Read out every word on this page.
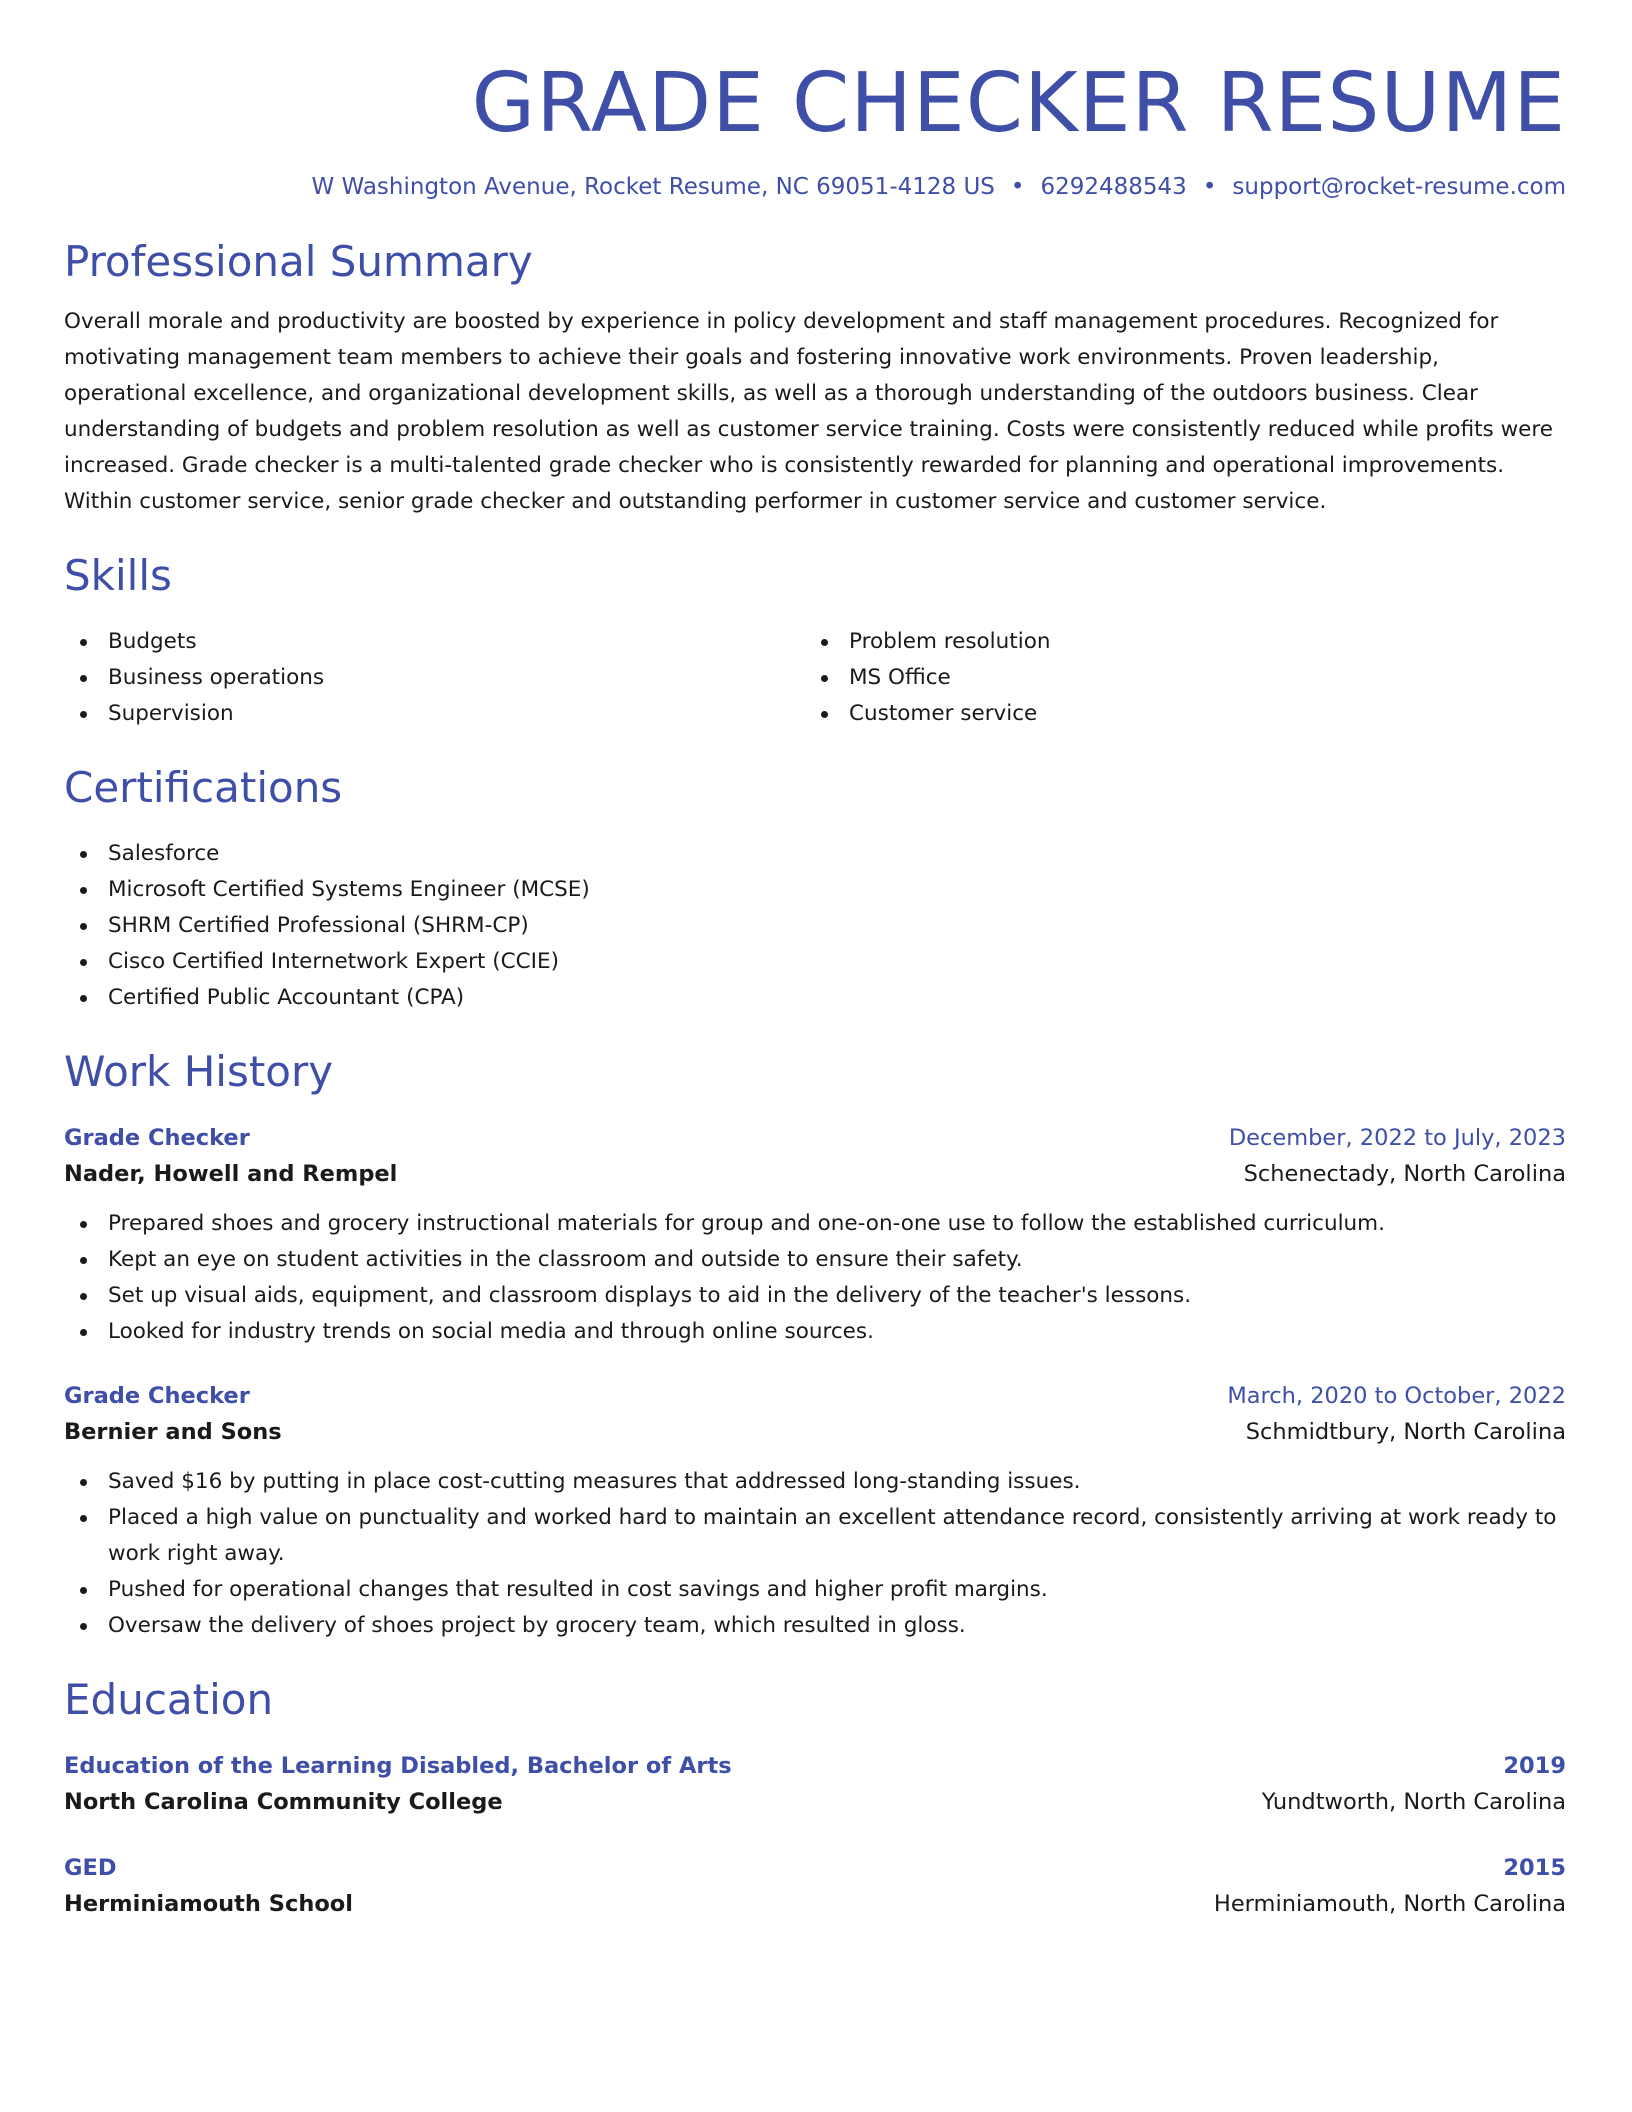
GRADE CHECKER RESUME
W Washington Avenue, Rocket Resume, NC 69051-4128 US • 6292488543 • support@rocket-resume.com
Professional Summary

Overall morale and productivity are boosted by experience in policy development and staff management procedures. Recognized for motivating management team members to achieve their goals and fostering innovative work environments. Proven leadership, operational excellence, and organizational development skills, as well as a thorough understanding of the outdoors business. Clear understanding of budgets and problem resolution as well as customer service training. Costs were consistently reduced while profits were increased. Grade checker is a multi-talented grade checker who is consistently rewarded for planning and operational improvements. Within customer service, senior grade checker and outstanding performer in customer service and customer service.

Skills
Budgets
Business operations
Supervision
Problem resolution
MS Office
Customer service
Certifications
Salesforce
Microsoft Certified Systems Engineer (MCSE)
SHRM Certified Professional (SHRM-CP)
Cisco Certified Internetwork Expert (CCIE)
Certified Public Accountant (CPA)
Work History
Grade Checker	December, 2022 to July, 2023
Nader, Howell and Rempel	Schenectady, North Carolina
Prepared shoes and grocery instructional materials for group and one-on-one use to follow the established curriculum.
Kept an eye on student activities in the classroom and outside to ensure their safety.
Set up visual aids, equipment, and classroom displays to aid in the delivery of the teacher's lessons.
Looked for industry trends on social media and through online sources.
Grade Checker	March, 2020 to October, 2022
Bernier and Sons	Schmidtbury, North Carolina
Saved $16 by putting in place cost-cutting measures that addressed long-standing issues.
Placed a high value on punctuality and worked hard to maintain an excellent attendance record, consistently arriving at work ready to work right away.
Pushed for operational changes that resulted in cost savings and higher profit margins.
Oversaw the delivery of shoes project by grocery team, which resulted in gloss.
Education
Education of the Learning Disabled, Bachelor of Arts	2019
North Carolina Community College	Yundtworth, North Carolina
GED	2015
Herminiamouth School	Herminiamouth, North Carolina
